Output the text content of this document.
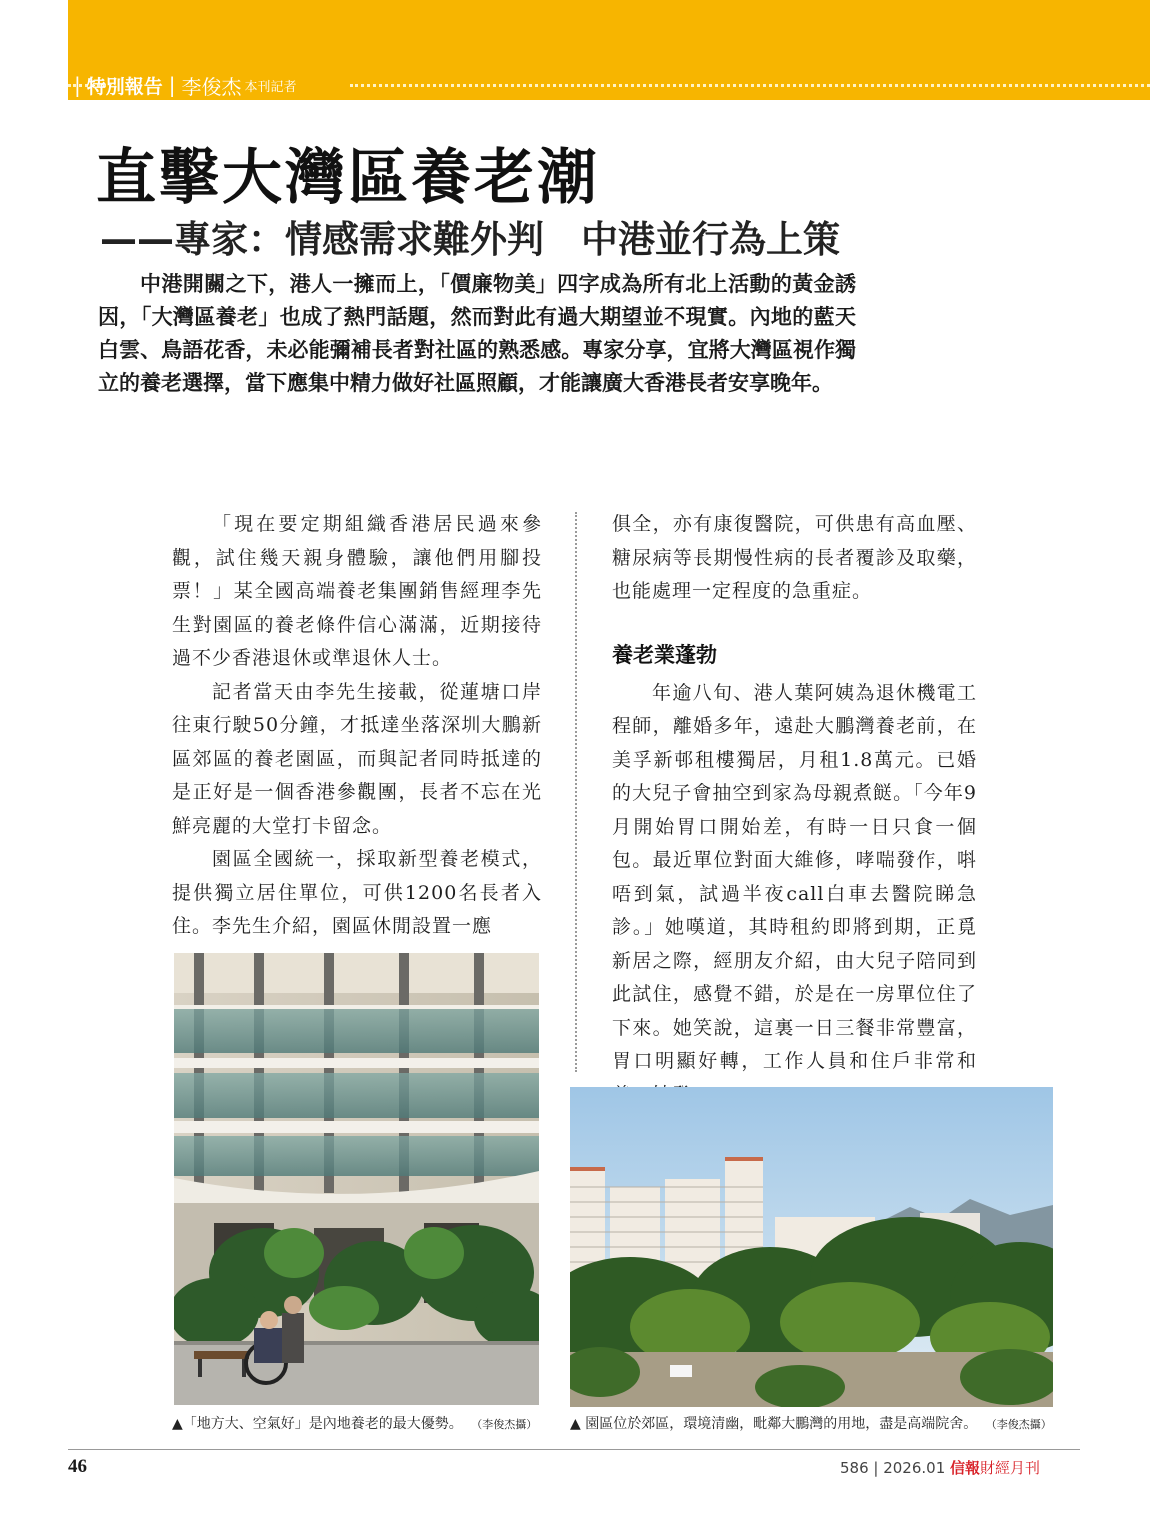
| 特別報告 | 李俊杰 本刊記者
直擊大灣區養老潮
——專家：情感需求難外判　中港並行為上策

中港開關之下，港人一擁而上，「價廉物美」四字成為所有北上活動的黃金誘因，「大灣區養老」也成了熱門話題，然而對此有過大期望並不現實。內地的藍天白雲、鳥語花香，未必能彌補長者對社區的熟悉感。專家分享，宜將大灣區視作獨立的養老選擇，當下應集中精力做好社區照顧，才能讓廣大香港長者安享晚年。

「現在要定期組織香港居民過來參觀，試住幾天親身體驗，讓他們用腳投票！」某全國高端養老集團銷售經理李先生對園區的養老條件信心滿滿，近期接待過不少香港退休或準退休人士。

記者當天由李先生接載，從蓮塘口岸往東行駛50分鐘，才抵達坐落深圳大鵬新區郊區的養老園區，而與記者同時抵達的是正好是一個香港參觀團，長者不忘在光鮮亮麗的大堂打卡留念。

園區全國統一，採取新型養老模式，提供獨立居住單位，可供1200名長者入住。李先生介紹，園區休閒設置一應

俱全，亦有康復醫院，可供患有高血壓、糖尿病等長期慢性病的長者覆診及取藥，也能處理一定程度的急重症。

養老業蓬勃

年逾八旬、港人葉阿姨為退休機電工程師，離婚多年，遠赴大鵬灣養老前，在美孚新邨租樓獨居，月租1.8萬元。已婚的大兒子會抽空到家為母親煮餸。「今年9月開始胃口開始差，有時一日只食一個包。最近單位對面大維修，哮喘發作，唞唔到氣，試過半夜call白車去醫院睇急診。」她嘆道，其時租約即將到期，正覓新居之際，經朋友介紹，由大兒子陪同到此試住，感覺不錯，於是在一房單位住了下來。她笑說，這裏一日三餐非常豐富，胃口明顯好轉，工作人員和住戶非常和

▲「地方大、空氣好」是內地養老的最大優勢。 （李俊杰攝） ▲ 園區位於郊區，環境清幽，毗鄰大鵬灣的用地，盡是高端院舍。 （李俊杰攝）
46	586 | 2026.01 信報財經月刊
